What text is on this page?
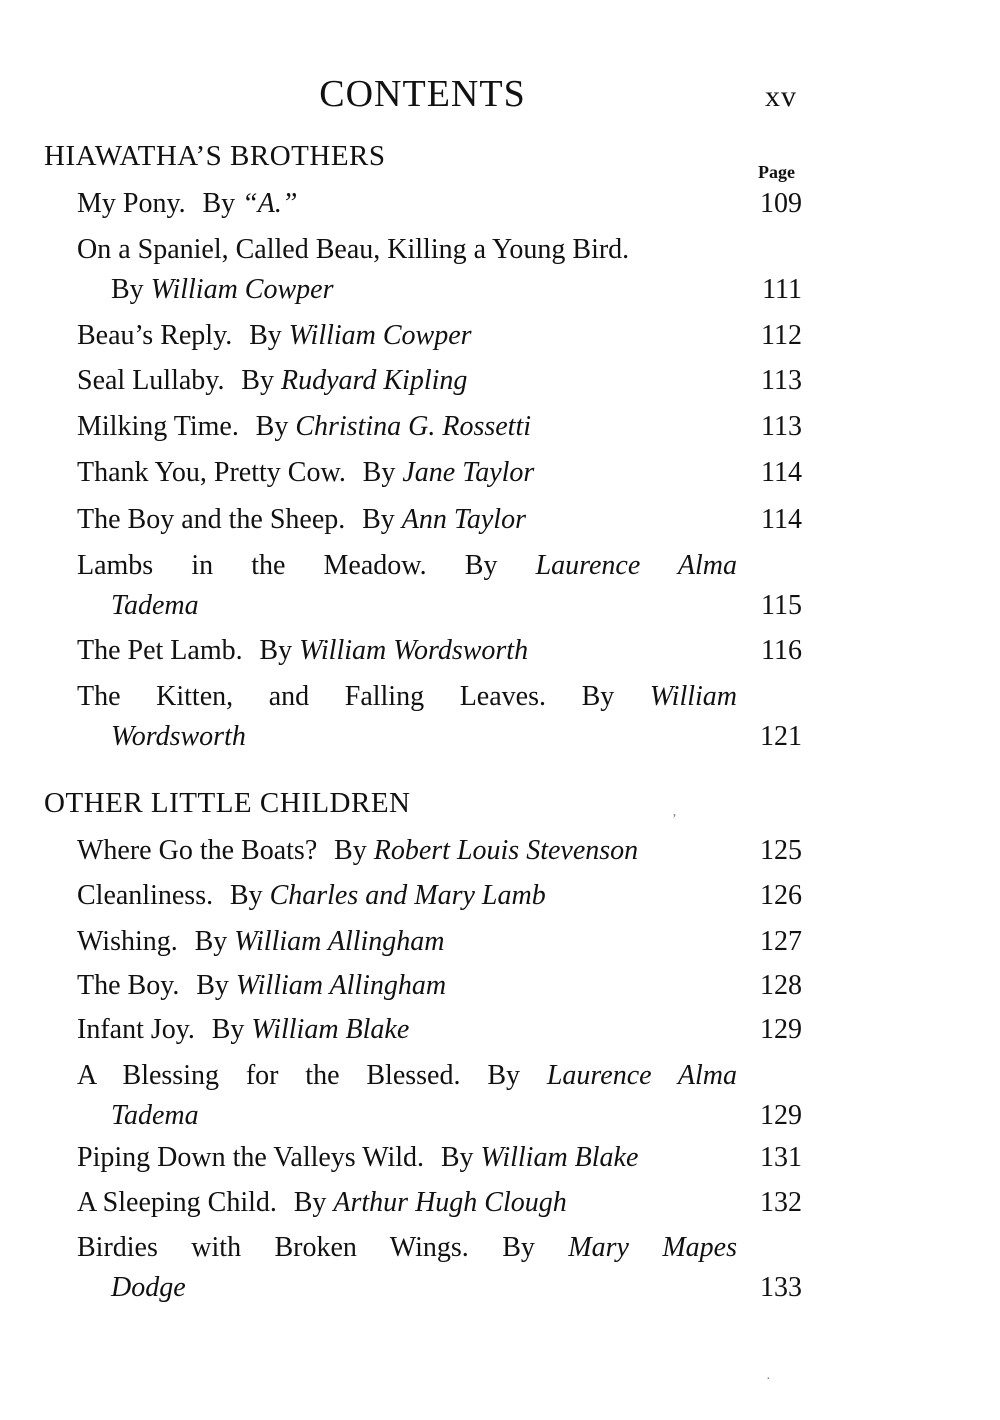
CONTENTS	xv
HIAWATHA’S BROTHERS	Page
My Pony. By “A.”	109
On a Spaniel, Called Beau, Killing a Young Bird.
By William Cowper	111
Beau’s Reply. By William Cowper	112
Seal Lullaby. By Rudyard Kipling	113
Milking Time. By Christina G. Rossetti	113
Thank You, Pretty Cow. By Jane Taylor	114
The Boy and the Sheep. By Ann Taylor	114
Lambs in the Meadow. By Laurence Alma
Tadema	115
The Pet Lamb. By William Wordsworth	116
The Kitten, and Falling Leaves. By William
Wordsworth	121
OTHER LITTLE CHILDREN
Where Go the Boats? By Robert Louis Stevenson	125
Cleanliness. By Charles and Mary Lamb	126
Wishing. By William Allingham	127
The Boy. By William Allingham	128
Infant Joy. By William Blake	129
A Blessing for the Blessed. By Laurence Alma
Tadema	129
Piping Down the Valleys Wild. By William Blake	131
A Sleeping Child. By Arthur Hugh Clough	132
Birdies with Broken Wings. By Mary Mapes
Dodge	133
’
·
